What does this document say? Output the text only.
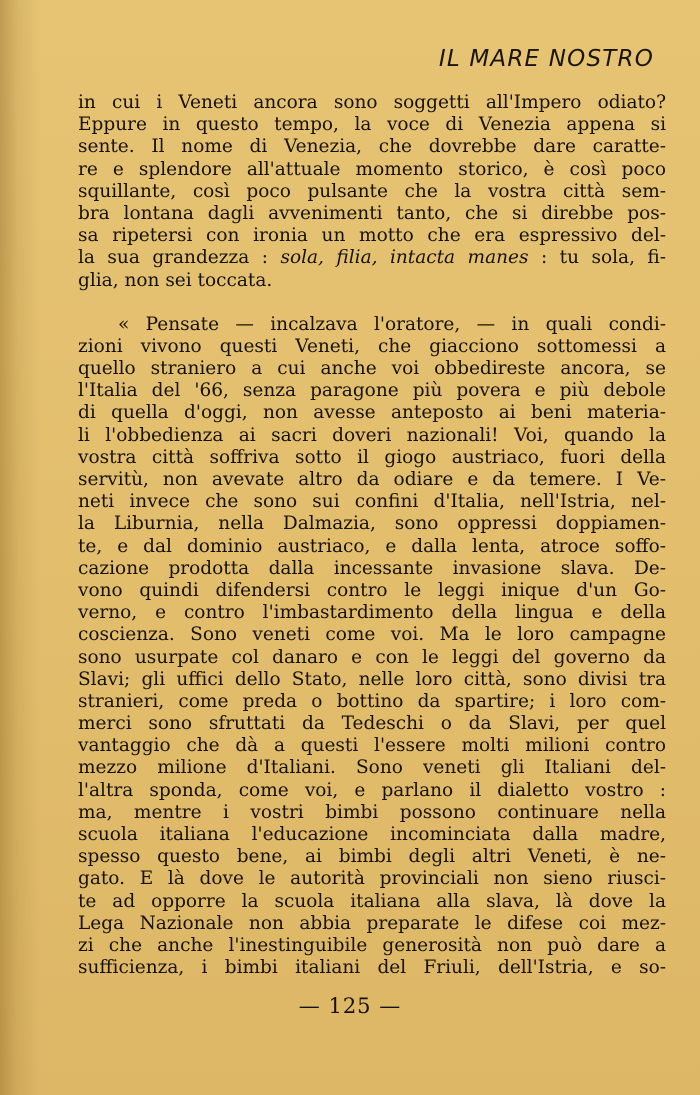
IL MARE NOSTRO

in cui i Veneti ancora sono soggetti all'Impero odiato?
Eppure in questo tempo, la voce di Venezia appena si
sente. Il nome di Venezia, che dovrebbe dare caratte-
re e splendore all'attuale momento storico, è così poco
squillante, così poco pulsante che la vostra città sem-
bra lontana dagli avvenimenti tanto, che si direbbe pos-
sa ripetersi con ironia un motto che era espressivo del-
la sua grandezza : sola, filia, intacta manes : tu sola, fi-
glia, non sei toccata.

« Pensate — incalzava l'oratore, — in quali condi-
zioni vivono questi Veneti, che giacciono sottomessi a
quello straniero a cui anche voi obbedireste ancora, se
l'Italia del '66, senza paragone più povera e più debole
di quella d'oggi, non avesse anteposto ai beni materia-
li l'obbedienza ai sacri doveri nazionali! Voi, quando la
vostra città soffriva sotto il giogo austriaco, fuori della
servitù, non avevate altro da odiare e da temere. I Ve-
neti invece che sono sui confini d'Italia, nell'Istria, nel-
la Liburnia, nella Dalmazia, sono oppressi doppiamen-
te, e dal dominio austriaco, e dalla lenta, atroce soffo-
cazione prodotta dalla incessante invasione slava. De-
vono quindi difendersi contro le leggi inique d'un Go-
verno, e contro l'imbastardimento della lingua e della
coscienza. Sono veneti come voi. Ma le loro campagne
sono usurpate col danaro e con le leggi del governo da
Slavi; gli uffici dello Stato, nelle loro città, sono divisi tra
stranieri, come preda o bottino da spartire; i loro com-
merci sono sfruttati da Tedeschi o da Slavi, per quel
vantaggio che dà a questi l'essere molti milioni contro
mezzo milione d'Italiani. Sono veneti gli Italiani del-
l'altra sponda, come voi, e parlano il dialetto vostro :
ma, mentre i vostri bimbi possono continuare nella
scuola italiana l'educazione incominciata dalla madre,
spesso questo bene, ai bimbi degli altri Veneti, è ne-
gato. E là dove le autorità provinciali non sieno riusci-
te ad opporre la scuola italiana alla slava, là dove la
Lega Nazionale non abbia preparate le difese coi mez-
zi che anche l'inestinguibile generosità non può dare a
sufficienza, i bimbi italiani del Friuli, dell'Istria, e so-

— 125 —
